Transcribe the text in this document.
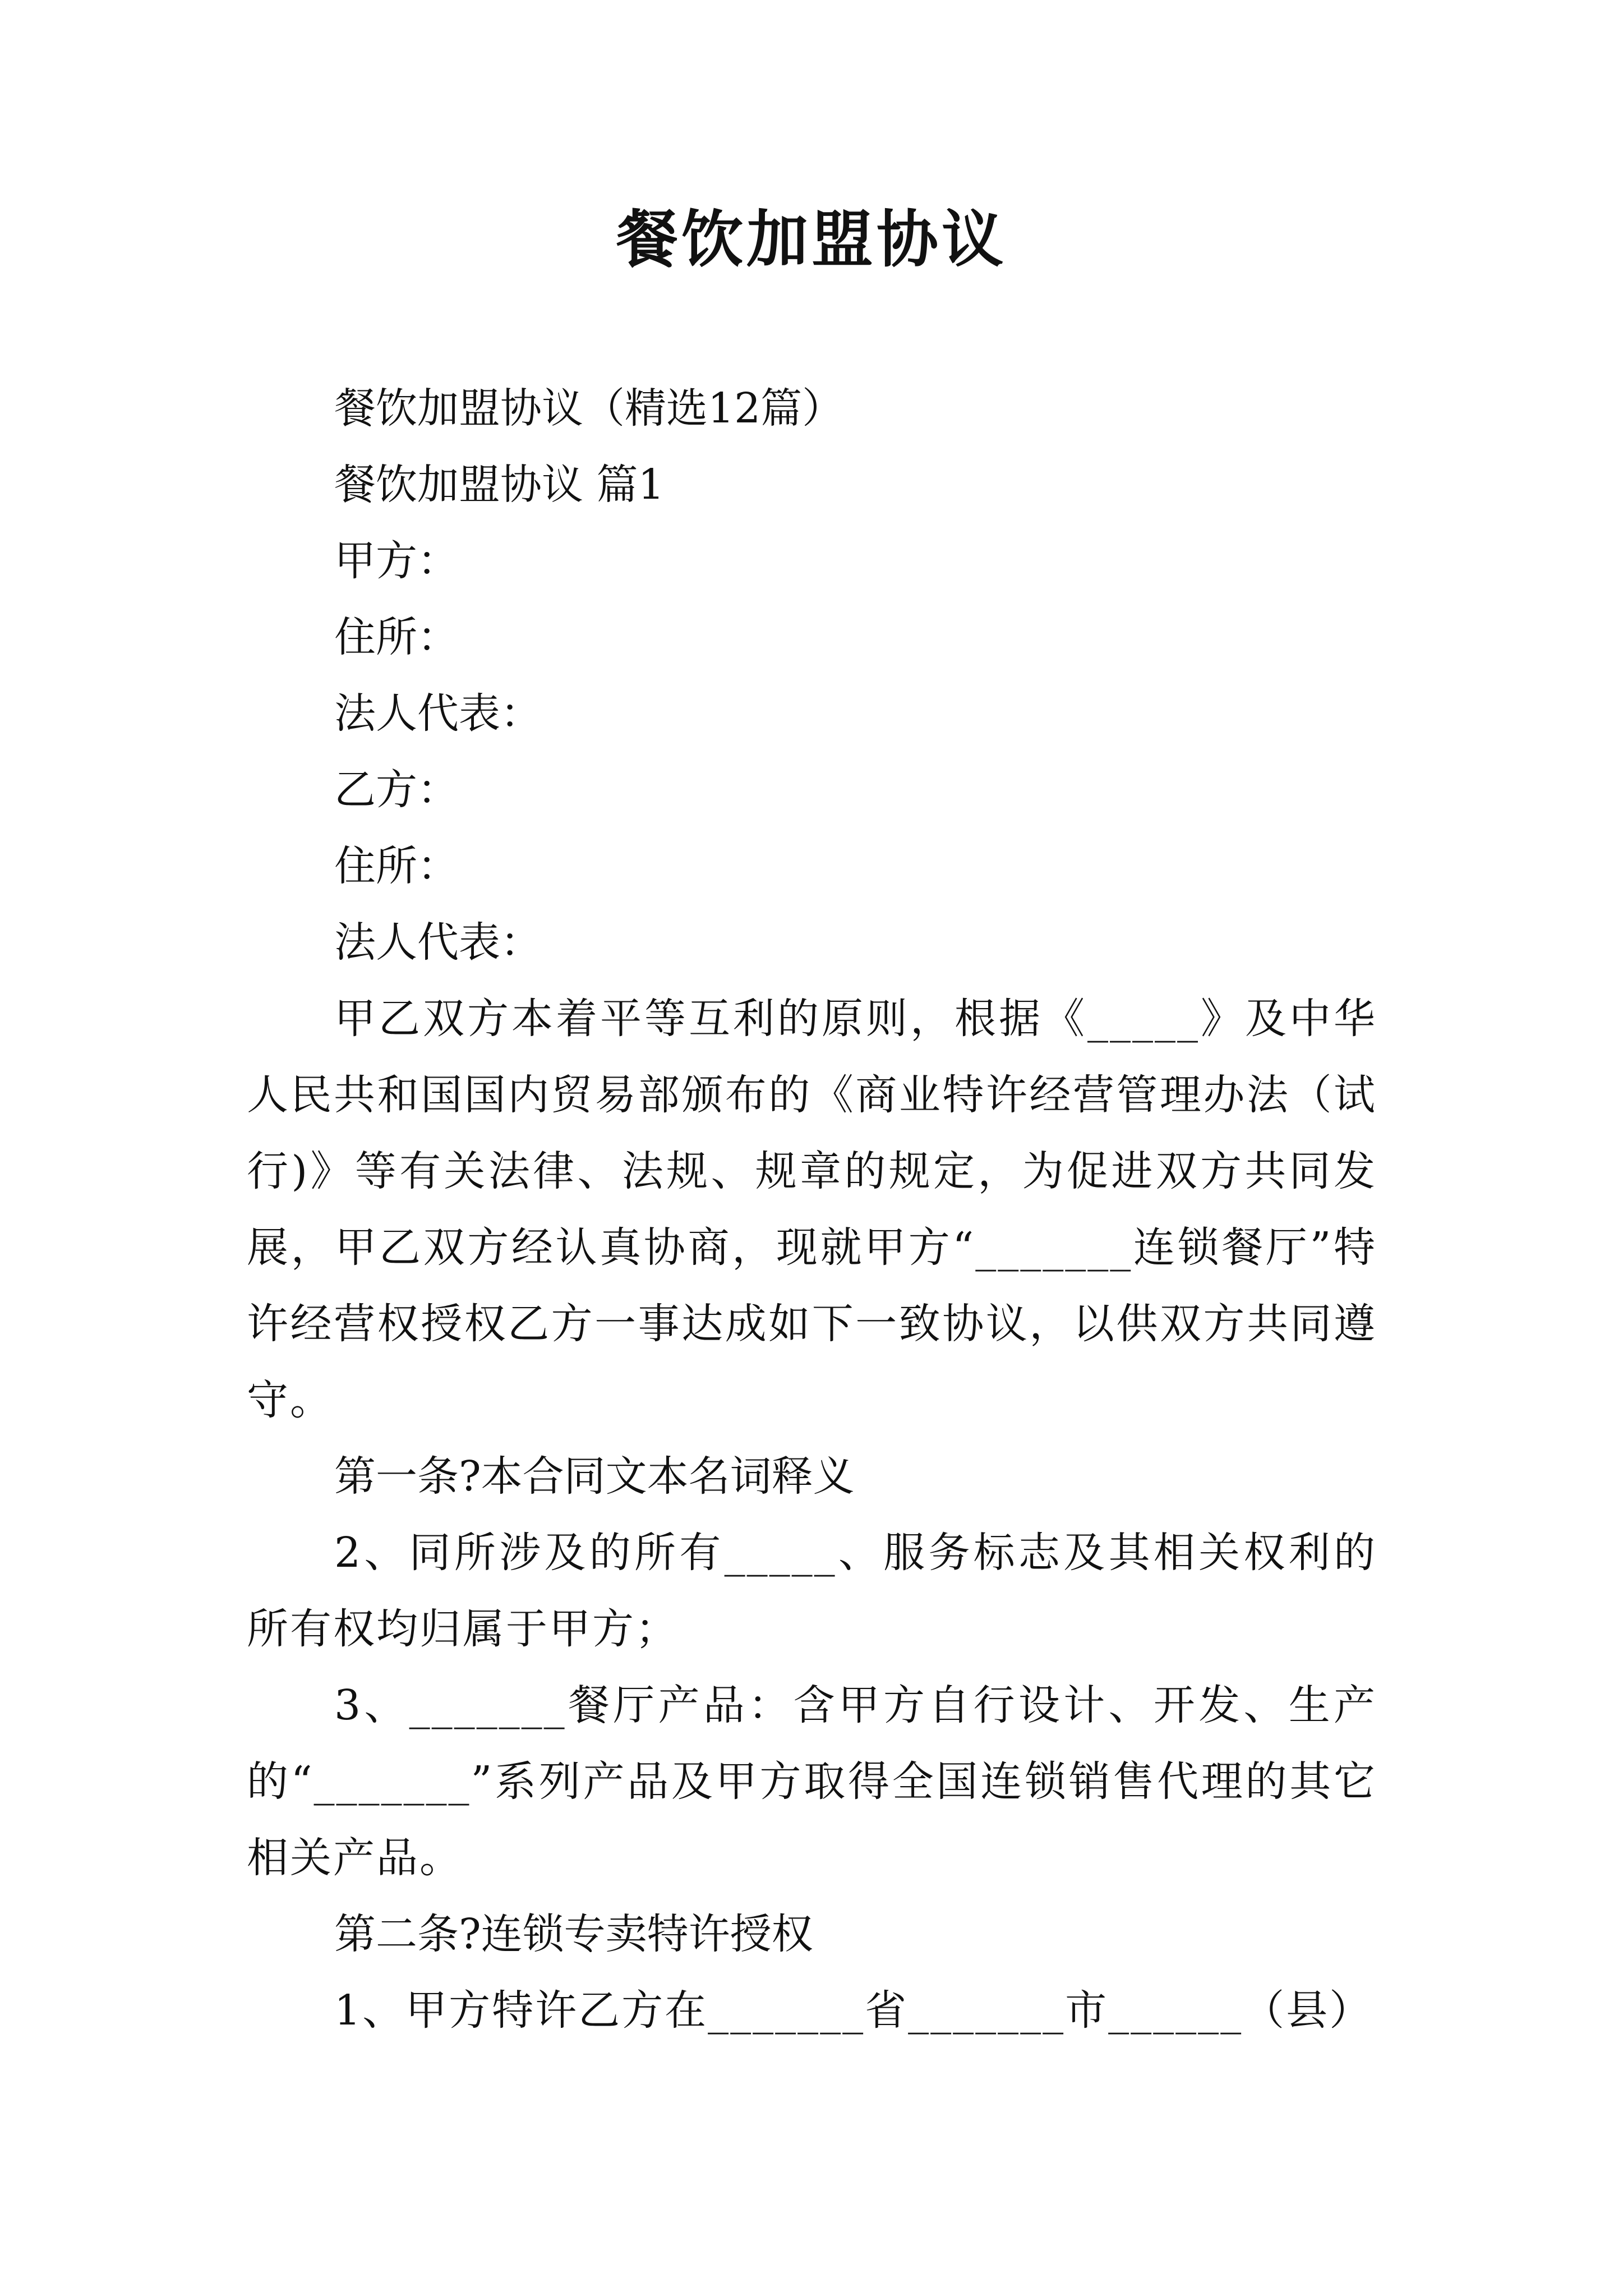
餐饮加盟协议
餐饮加盟协议（精选12篇）
餐饮加盟协议 篇1
甲方：
住所：
法人代表：
乙方：
住所：
法人代表：
甲乙双方本着平等互利的原则，根据《_____》及中华人民共和国国内贸易部颁布的《商业特许经营管理办法（试行)》等有关法律、法规、规章的规定，为促进双方共同发展，甲乙双方经认真协商，现就甲方“_______连锁餐厅”特许经营权授权乙方一事达成如下一致协议，以供双方共同遵守。
第一条?本合同文本名词释义
2、同所涉及的所有_____、服务标志及其相关权利的所有权均归属于甲方；
3、_______餐厅产品：含甲方自行设计、开发、生产的“_______”系列产品及甲方取得全国连锁销售代理的其它相关产品。
第二条?连锁专卖特许授权
1、甲方特许乙方在_______省_______市______（县）
